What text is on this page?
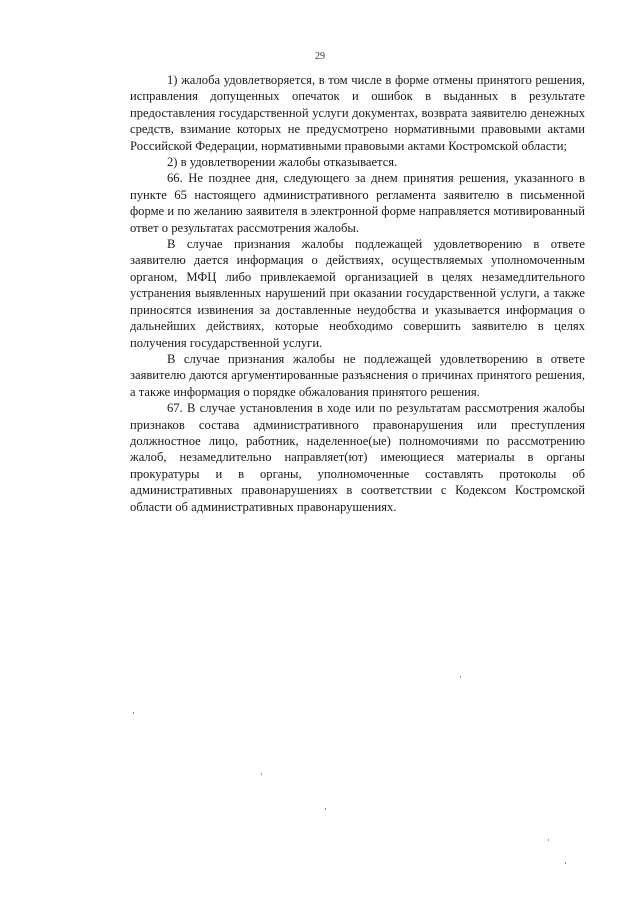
29

1) жалоба удовлетворяется, в том числе в форме отмены принятого решения, исправления допущенных опечаток и ошибок в выданных в результате предоставления государственной услуги документах, возврата заявителю денежных средств, взимание которых не предусмотрено нормативными правовыми актами Российской Федерации, нормативными правовыми актами Костромской области;

2) в удовлетворении жалобы отказывается.

66. Не позднее дня, следующего за днем принятия решения, указанного в пункте 65 настоящего административного регламента заявителю в письменной форме и по желанию заявителя в электронной форме направляется мотивированный ответ о результатах рассмотрения жалобы.

В случае признания жалобы подлежащей удовлетворению в ответе заявителю дается информация о действиях, осуществляемых уполномоченным органом, МФЦ либо привлекаемой организацией в целях незамедлительного устранения выявленных нарушений при оказании государственной услуги, а также приносятся извинения за доставленные неудобства и указывается информация о дальнейших действиях, которые необходимо совершить заявителю в целях получения государственной услуги.

В случае признания жалобы не подлежащей удовлетворению в ответе заявителю даются аргументированные разъяснения о причинах принятого решения, а также информация о порядке обжалования принятого решения.

67. В случае установления в ходе или по результатам рассмотрения жалобы признаков состава административного правонарушения или преступления должностное лицо, работник, наделенное(ые) полномочиями по рассмотрению жалоб, незамедлительно направляет(ют) имеющиеся материалы в органы прокуратуры и в органы, уполномоченные составлять протоколы об административных правонарушениях в соответствии с Кодексом Костромской области об административных правонарушениях.
